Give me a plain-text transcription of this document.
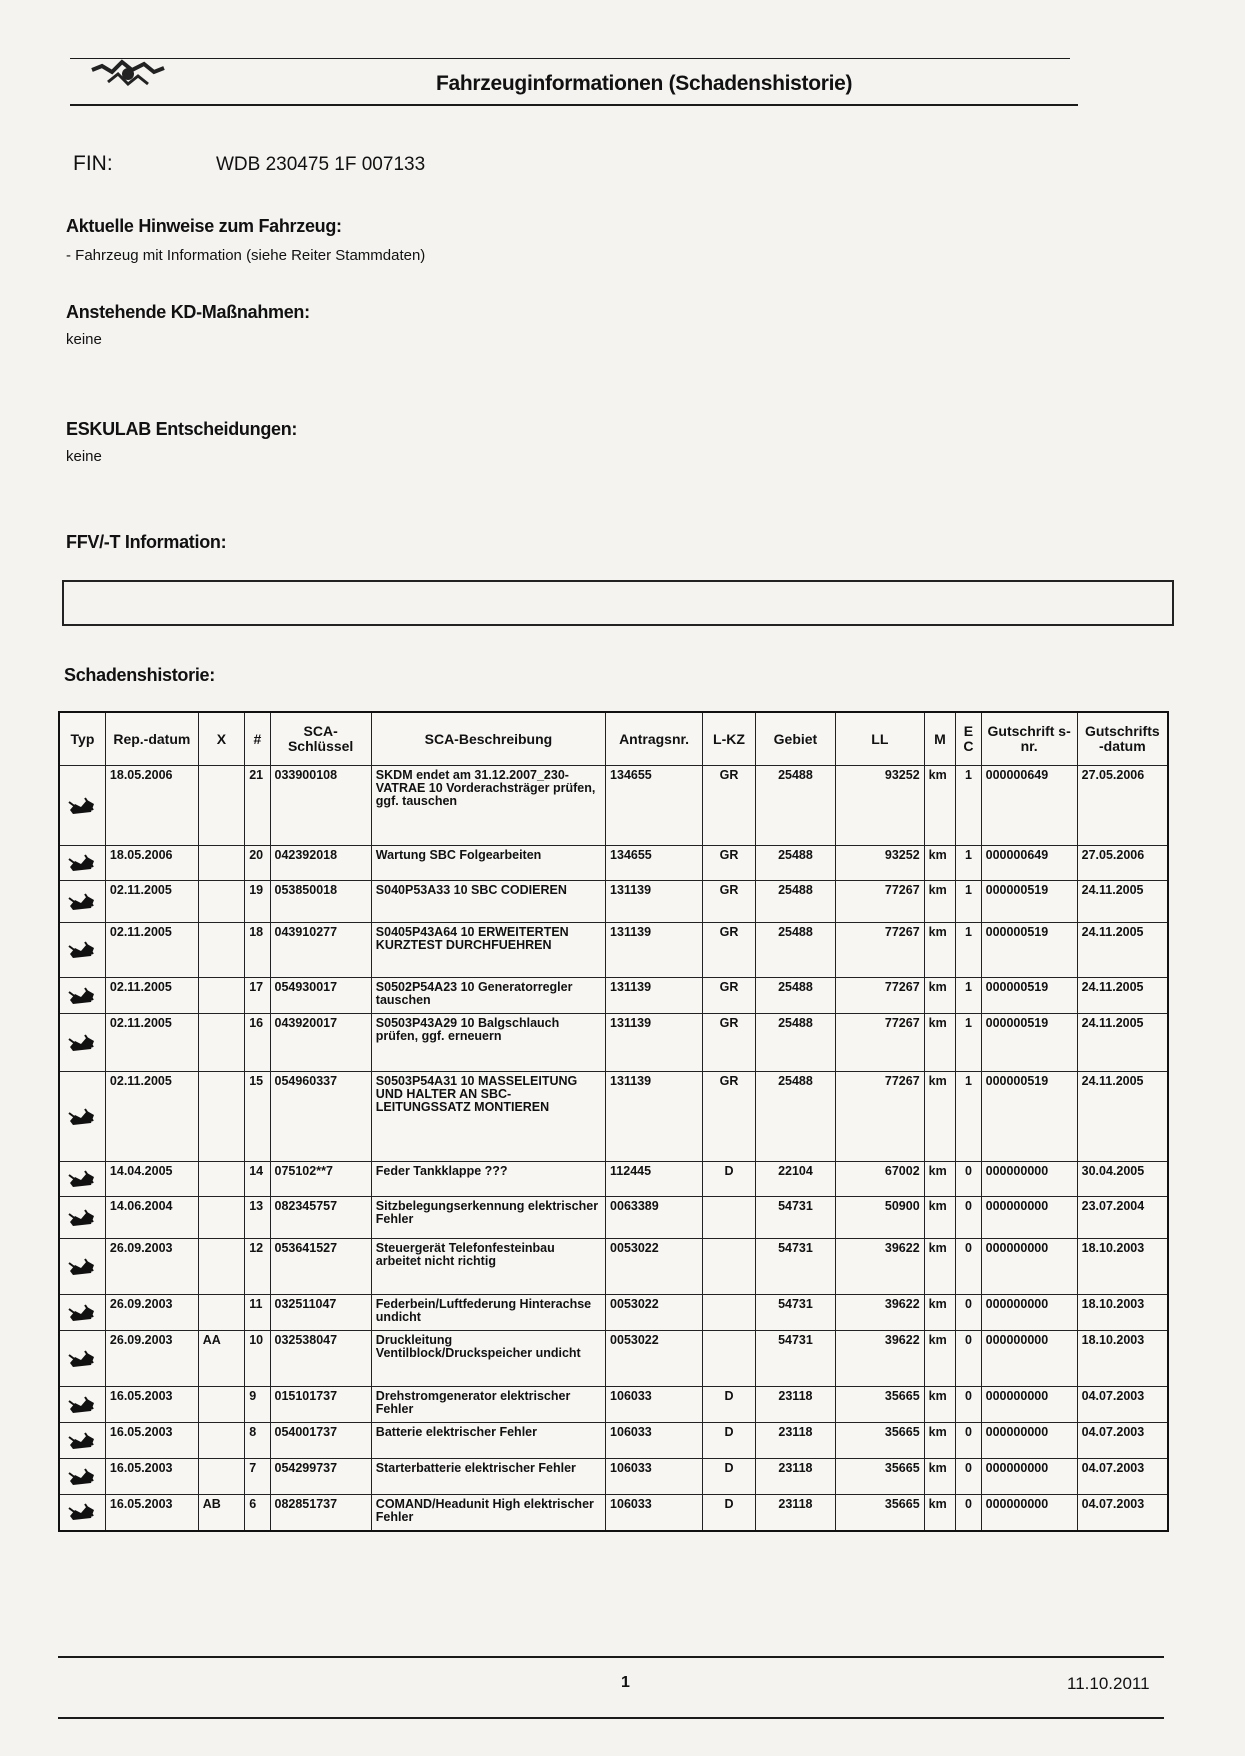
Fahrzeuginformationen (Schadenshistorie)
FIN:	WDB 230475 1F 007133
Aktuelle Hinweise zum Fahrzeug:
- Fahrzeug mit Information (siehe Reiter Stammdaten)
Anstehende KD-Maßnahmen:
keine
ESKULAB Entscheidungen:
keine
FFV/-T Information:
Schadenshistorie:
Typ	Rep.-datum	X	#	SCA-Schlüssel	SCA-Beschreibung	Antragsnr.	L-KZ	Gebiet	LL	M	E C	Gutschrift s-nr.	Gutschrifts -datum

	18.05.2006		21	033900108	SKDM endet am 31.12.2007_230-VATRAE 10 Vorderachsträger prüfen, ggf. tauschen	134655	GR	25488	93252	km	1	000000649	27.05.2006

	18.05.2006		20	042392018	Wartung SBC Folgearbeiten	134655	GR	25488	93252	km	1	000000649	27.05.2006

	02.11.2005		19	053850018	S040P53A33 10 SBC CODIEREN	131139	GR	25488	77267	km	1	000000519	24.11.2005

	02.11.2005		18	043910277	S0405P43A64 10 ERWEITERTEN KURZTEST DURCHFUEHREN	131139	GR	25488	77267	km	1	000000519	24.11.2005

	02.11.2005		17	054930017	S0502P54A23 10 Generatorregler tauschen	131139	GR	25488	77267	km	1	000000519	24.11.2005

	02.11.2005		16	043920017	S0503P43A29 10 Balgschlauch prüfen, ggf. erneuern	131139	GR	25488	77267	km	1	000000519	24.11.2005

	02.11.2005		15	054960337	S0503P54A31 10 MASSELEITUNG UND HALTER AN SBC-LEITUNGSSATZ MONTIEREN	131139	GR	25488	77267	km	1	000000519	24.11.2005

	14.04.2005		14	075102**7	Feder Tankklappe ???	112445	D	22104	67002	km	0	000000000	30.04.2005

	14.06.2004		13	082345757	Sitzbelegungserkennung elektrischer Fehler	0063389		54731	50900	km	0	000000000	23.07.2004

	26.09.2003		12	053641527	Steuergerät Telefonfesteinbau arbeitet nicht richtig	0053022		54731	39622	km	0	000000000	18.10.2003

	26.09.2003		11	032511047	Federbein/Luftfederung Hinterachse undicht	0053022		54731	39622	km	0	000000000	18.10.2003

	26.09.2003	AA	10	032538047	Druckleitung Ventilblock/Druckspeicher undicht	0053022		54731	39622	km	0	000000000	18.10.2003

	16.05.2003		9	015101737	Drehstromgenerator elektrischer Fehler	106033	D	23118	35665	km	0	000000000	04.07.2003

	16.05.2003		8	054001737	Batterie elektrischer Fehler	106033	D	23118	35665	km	0	000000000	04.07.2003

	16.05.2003		7	054299737	Starterbatterie elektrischer Fehler	106033	D	23118	35665	km	0	000000000	04.07.2003

	16.05.2003	AB	6	082851737	COMAND/Headunit High elektrischer Fehler	106033	D	23118	35665	km	0	000000000	04.07.2003
1	11.10.2011
